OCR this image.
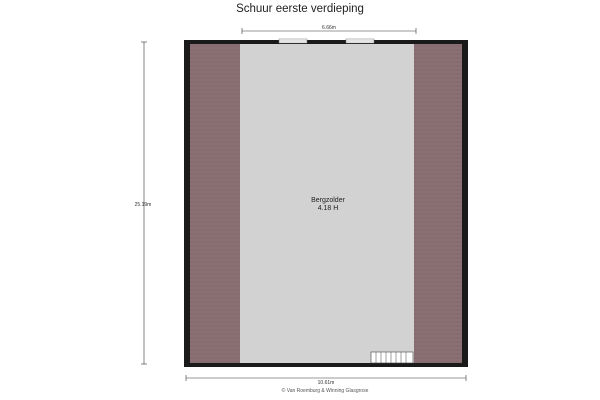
Schuur eerste verdieping
6.66m
25.19m
Bergzolder
4.18 H
10.61m
© Van Roemburg & Winning Glasgrose
